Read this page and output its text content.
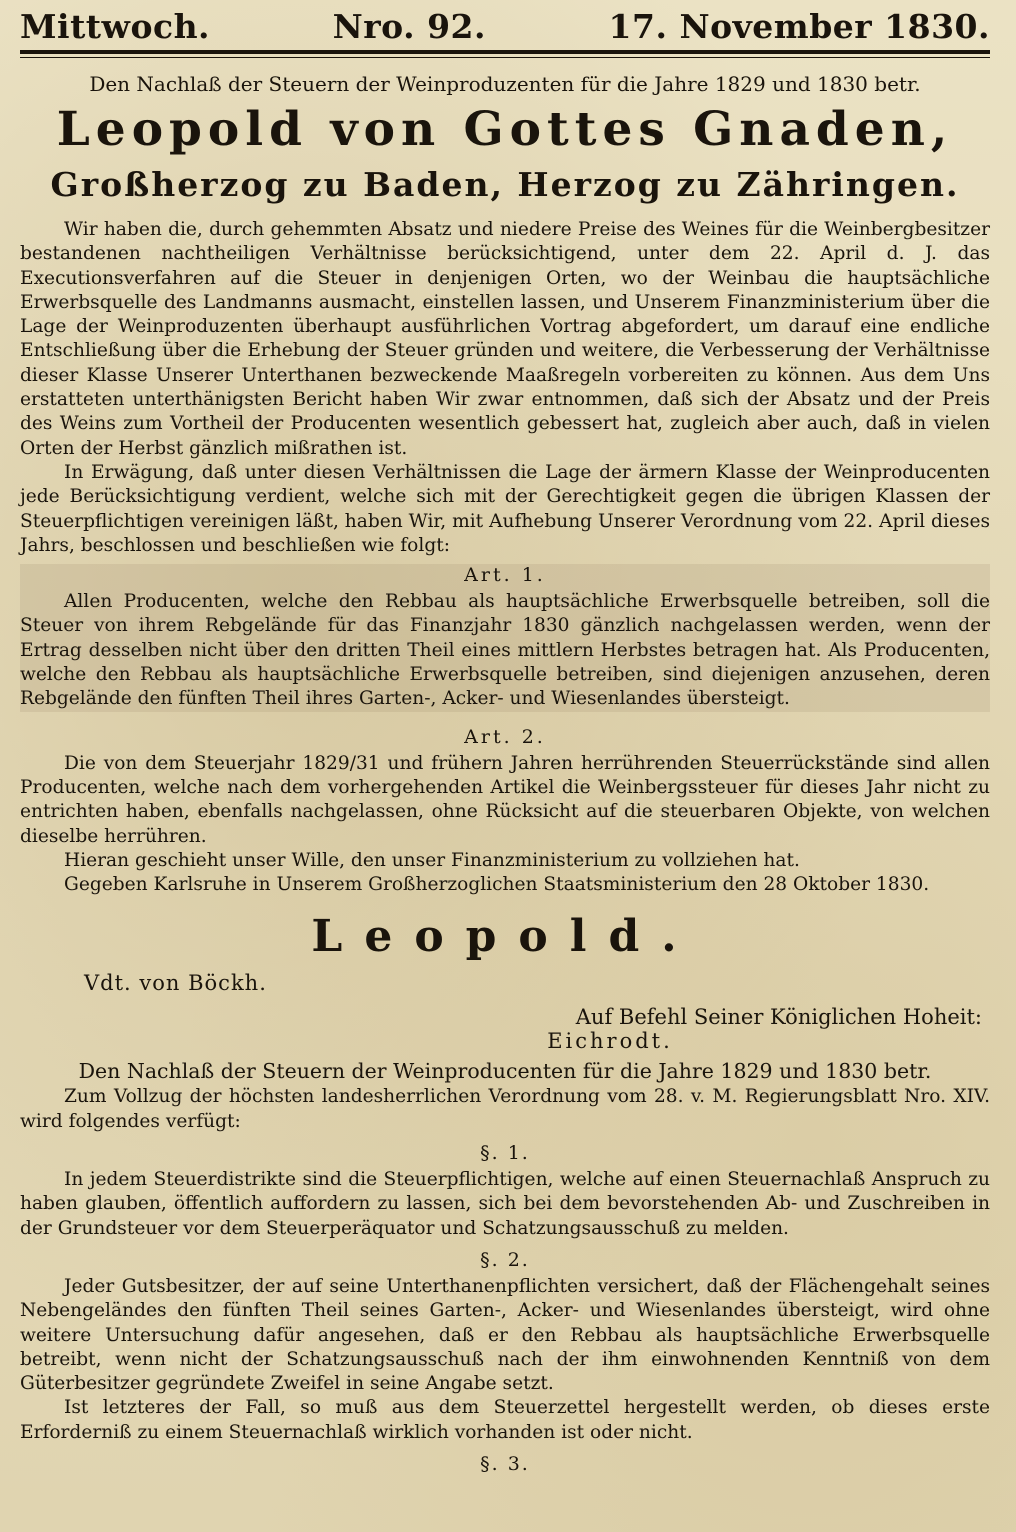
Mittwoch.	Nro. 92.	17. November 1830.
Den Nachlaß der Steuern der Weinproduzenten für die Jahre 1829 und 1830 betr.
Leopold von Gottes Gnaden,
Großherzog zu Baden, Herzog zu Zähringen.

Wir haben die, durch gehemmten Absatz und niedere Preise des Weines für die Weinbergbesitzer bestandenen nachtheiligen Verhältnisse berücksichtigend, unter dem 22. April d. J. das Executionsverfahren auf die Steuer in denjenigen Orten, wo der Weinbau die hauptsächliche Erwerbsquelle des Landmanns ausmacht, einstellen lassen, und Unserem Finanzministerium über die Lage der Weinproduzenten überhaupt ausführlichen Vortrag abgefordert, um darauf eine endliche Entschließung über die Erhebung der Steuer gründen und weitere, die Verbesserung der Verhältnisse dieser Klasse Unserer Unterthanen bezweckende Maaßregeln vorbereiten zu können. Aus dem Uns erstatteten unterthänigsten Bericht haben Wir zwar entnommen, daß sich der Absatz und der Preis des Weins zum Vortheil der Producenten wesentlich gebessert hat, zugleich aber auch, daß in vielen Orten der Herbst gänzlich mißrathen ist.

In Erwägung, daß unter diesen Verhältnissen die Lage der ärmern Klasse der Weinproducenten jede Berücksichtigung verdient, welche sich mit der Gerechtigkeit gegen die übrigen Klassen der Steuerpflichtigen vereinigen läßt, haben Wir, mit Aufhebung Unserer Verordnung vom 22. April dieses Jahrs, beschlossen und beschließen wie folgt:

Art. 1.

Allen Producenten, welche den Rebbau als hauptsächliche Erwerbsquelle betreiben, soll die Steuer von ihrem Rebgelände für das Finanzjahr 1830 gänzlich nachgelassen werden, wenn der Ertrag desselben nicht über den dritten Theil eines mittlern Herbstes betragen hat. Als Producenten, welche den Rebbau als hauptsächliche Erwerbsquelle betreiben, sind diejenigen anzusehen, deren Rebgelände den fünften Theil ihres Garten-, Acker- und Wiesenlandes übersteigt.

Art. 2.

Die von dem Steuerjahr 1829/31 und frühern Jahren herrührenden Steuerrückstände sind allen Producenten, welche nach dem vorhergehenden Artikel die Weinbergssteuer für dieses Jahr nicht zu entrichten haben, ebenfalls nachgelassen, ohne Rücksicht auf die steuerbaren Objekte, von welchen dieselbe herrühren.

Hieran geschieht unser Wille, den unser Finanzministerium zu vollziehen hat.

Gegeben Karlsruhe in Unserem Großherzoglichen Staatsministerium den 28 Oktober 1830.

Leopold.
Vdt. von Böckh.
Auf Befehl Seiner Königlichen Hoheit:
Eichrodt.
Den Nachlaß der Steuern der Weinproducenten für die Jahre 1829 und 1830 betr.

Zum Vollzug der höchsten landesherrlichen Verordnung vom 28. v. M. Regierungsblatt Nro. XIV. wird folgendes verfügt:

§. 1.

In jedem Steuerdistrikte sind die Steuerpflichtigen, welche auf einen Steuernachlaß Anspruch zu haben glauben, öffentlich auffordern zu lassen, sich bei dem bevorstehenden Ab- und Zuschreiben in der Grundsteuer vor dem Steuerperäquator und Schatzungsausschuß zu melden.

§. 2.

Jeder Gutsbesitzer, der auf seine Unterthanenpflichten versichert, daß der Flächengehalt seines Nebengeländes den fünften Theil seines Garten-, Acker- und Wiesenlandes übersteigt, wird ohne weitere Untersuchung dafür angesehen, daß er den Rebbau als hauptsächliche Erwerbsquelle betreibt, wenn nicht der Schatzungsausschuß nach der ihm einwohnenden Kenntniß von dem Güterbesitzer gegründete Zweifel in seine Angabe setzt.

Ist letzteres der Fall, so muß aus dem Steuerzettel hergestellt werden, ob dieses erste Erforderniß zu einem Steuernachlaß wirklich vorhanden ist oder nicht.

§. 3.
